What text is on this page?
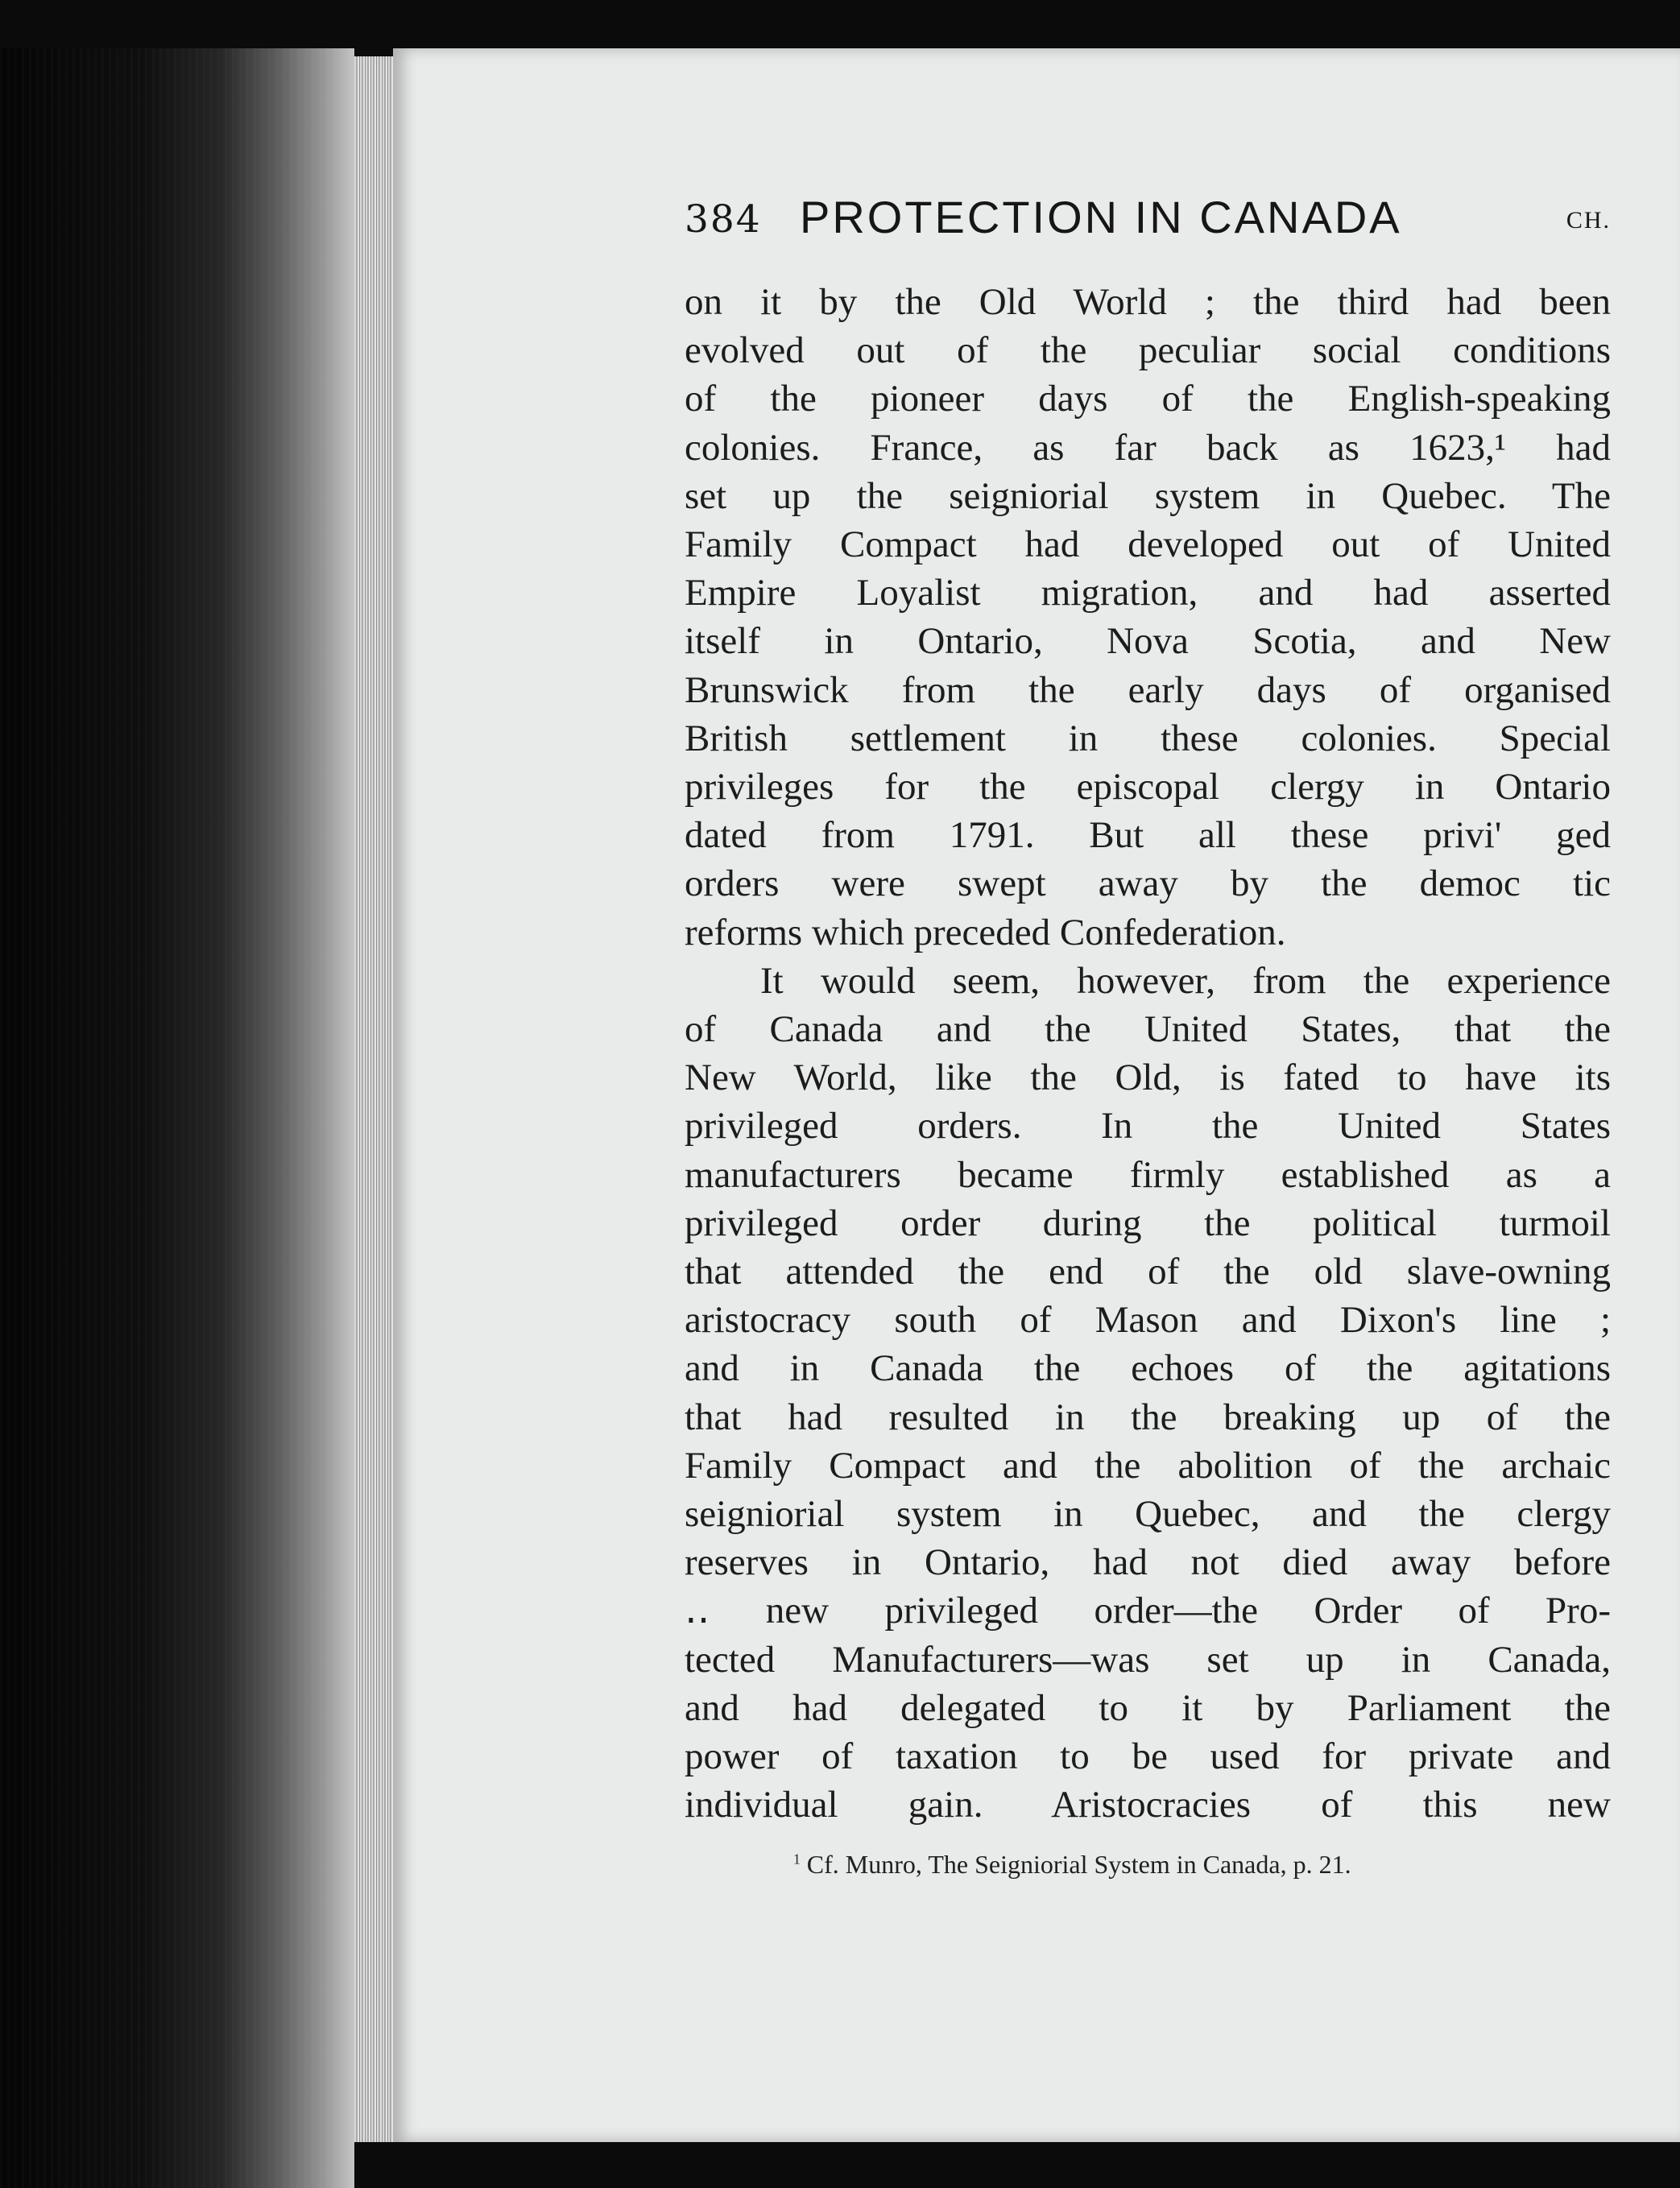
384 PROTECTION IN CANADA	CH.
on it by the Old World ; the third had been
evolved out of the peculiar social conditions
of the pioneer days of the English-speaking
colonies. France, as far back as 1623,¹ had
set up the seigniorial system in Quebec. The
Family Compact had developed out of United
Empire Loyalist migration, and had asserted
itself in Ontario, Nova Scotia, and New
Brunswick from the early days of organised
British settlement in these colonies. Special
privileges for the episcopal clergy in Ontario
dated from 1791. But all these privi' ged
orders were swept away by the democ tic
reforms which preceded Confederation.
It would seem, however, from the experience
of Canada and the United States, that the
New World, like the Old, is fated to have its
privileged orders. In the United States
manufacturers became firmly established as a
privileged order during the political turmoil
that attended the end of the old slave-owning
aristocracy south of Mason and Dixon's line ;
and in Canada the echoes of the agitations
that had resulted in the breaking up of the
Family Compact and the abolition of the archaic
seigniorial system in Quebec, and the clergy
reserves in Ontario, had not died away before
‥ new privileged order—the Order of Pro-
tected Manufacturers—was set up in Canada,
and had delegated to it by Parliament the
power of taxation to be used for private and
individual gain. Aristocracies of this new
$^1$ Cf. Munro, The Seigniorial System in Canada, p. 21.
